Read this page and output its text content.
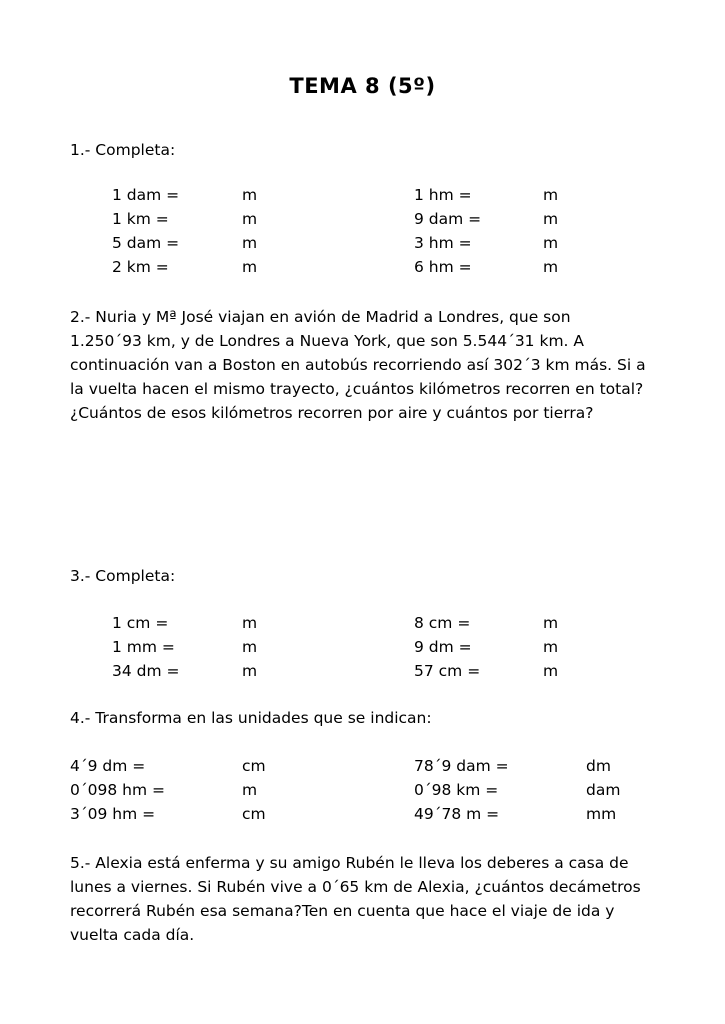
TEMA 8 (5º)
1.- Completa:
1 dam =	m	1 hm =	m
1 km =	m	9 dam =	m
5 dam =	m	3 hm =	m
2 km =	m	6 hm =	m
2.- Nuria y Mª José viajan en avión de Madrid a Londres, que son
1.250´93 km, y de Londres a Nueva York, que son 5.544´31 km. A
continuación van a Boston en autobús recorriendo así 302´3 km más. Si a
la vuelta hacen el mismo trayecto, ¿cuántos kilómetros recorren en total?
¿Cuántos de esos kilómetros recorren por aire y cuántos por tierra?
3.- Completa:
1 cm =	m	8 cm =	m
1 mm =	m	9 dm =	m
34 dm =	m	57 cm =	m
4.- Transforma en las unidades que se indican:
4´9 dm =	cm	78´9 dam =	dm
0´098 hm =	m	0´98 km =	dam
3´09 hm =	cm	49´78 m =	mm
5.- Alexia está enferma y su amigo Rubén le lleva los deberes a casa de
lunes a viernes. Si Rubén vive a 0´65 km de Alexia, ¿cuántos decámetros
recorrerá Rubén esa semana?Ten en cuenta que hace el viaje de ida y
vuelta cada día.
